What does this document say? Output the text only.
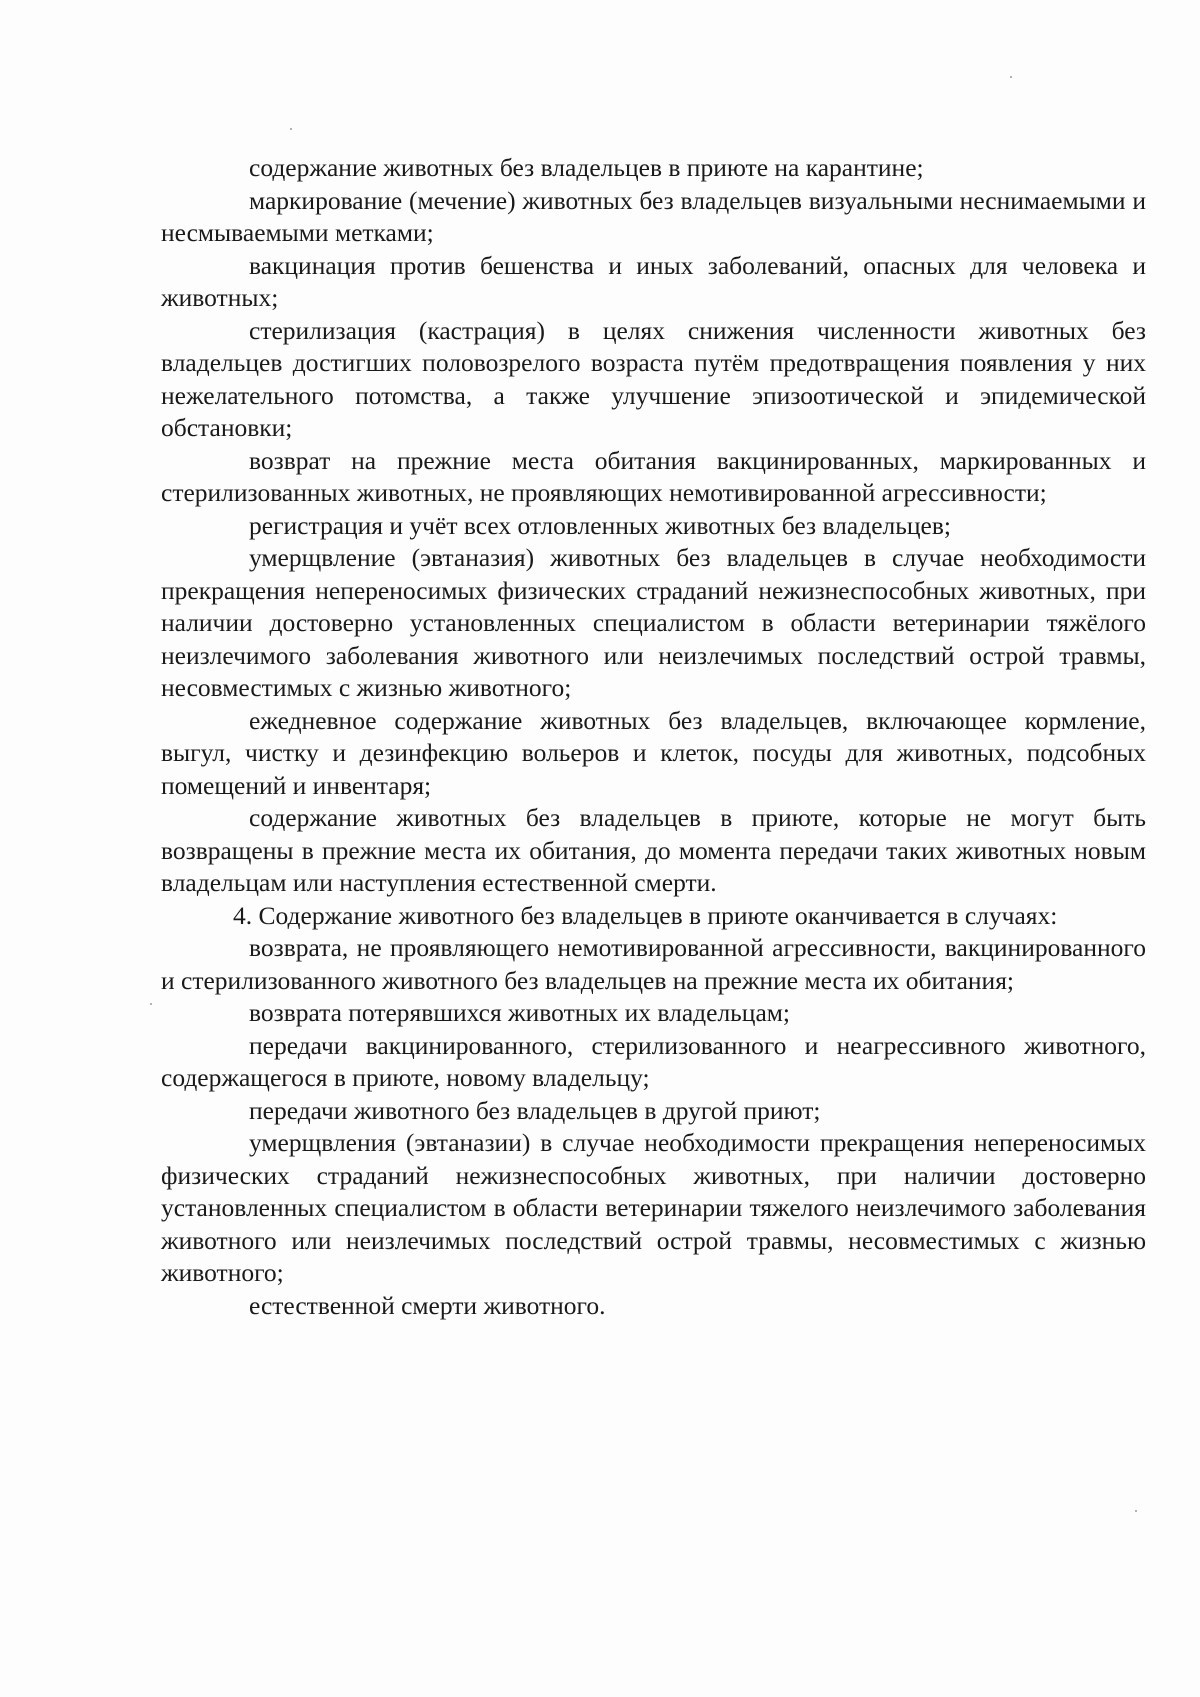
содержание животных без владельцев в приюте на карантине;

маркирование (мечение) животных без владельцев визуальными неснимаемыми и несмываемыми метками;

вакцинация против бешенства и иных заболеваний, опасных для человека и животных;

стерилизация (кастрация) в целях снижения численности животных без владельцев достигших половозрелого возраста путём предотвращения появления у них нежелательного потомства, а также улучшение эпизоотической и эпидемической обстановки;

возврат на прежние места обитания вакцинированных, маркированных и стерилизованных животных, не проявляющих немотивированной агрессивности;

регистрация и учёт всех отловленных животных без владельцев;

умерщвление (эвтаназия) животных без владельцев в случае необходимости прекращения непереносимых физических страданий нежизнеспособных животных, при наличии достоверно установленных специалистом в области ветеринарии тяжёлого неизлечимого заболевания животного или неизлечимых последствий острой травмы, несовместимых с жизнью животного;

ежедневное содержание животных без владельцев, включающее кормление, выгул, чистку и дезинфекцию вольеров и клеток, посуды для животных, подсобных помещений и инвентаря;

содержание животных без владельцев в приюте, которые не могут быть возвращены в прежние места их обитания, до момента передачи таких животных новым владельцам или наступления естественной смерти.

4. Содержание животного без владельцев в приюте оканчивается в случаях:

возврата, не проявляющего немотивированной агрессивности, вакцинированного и стерилизованного животного без владельцев на прежние места их обитания;

возврата потерявшихся животных их владельцам;

передачи вакцинированного, стерилизованного и неагрессивного животного, содержащегося в приюте, новому владельцу;

передачи животного без владельцев в другой приют;

умерщвления (эвтаназии) в случае необходимости прекращения непереносимых физических страданий нежизнеспособных животных, при наличии достоверно установленных специалистом в области ветеринарии тяжелого неизлечимого заболевания животного или неизлечимых последствий острой травмы, несовместимых с жизнью животного;

естественной смерти животного.
